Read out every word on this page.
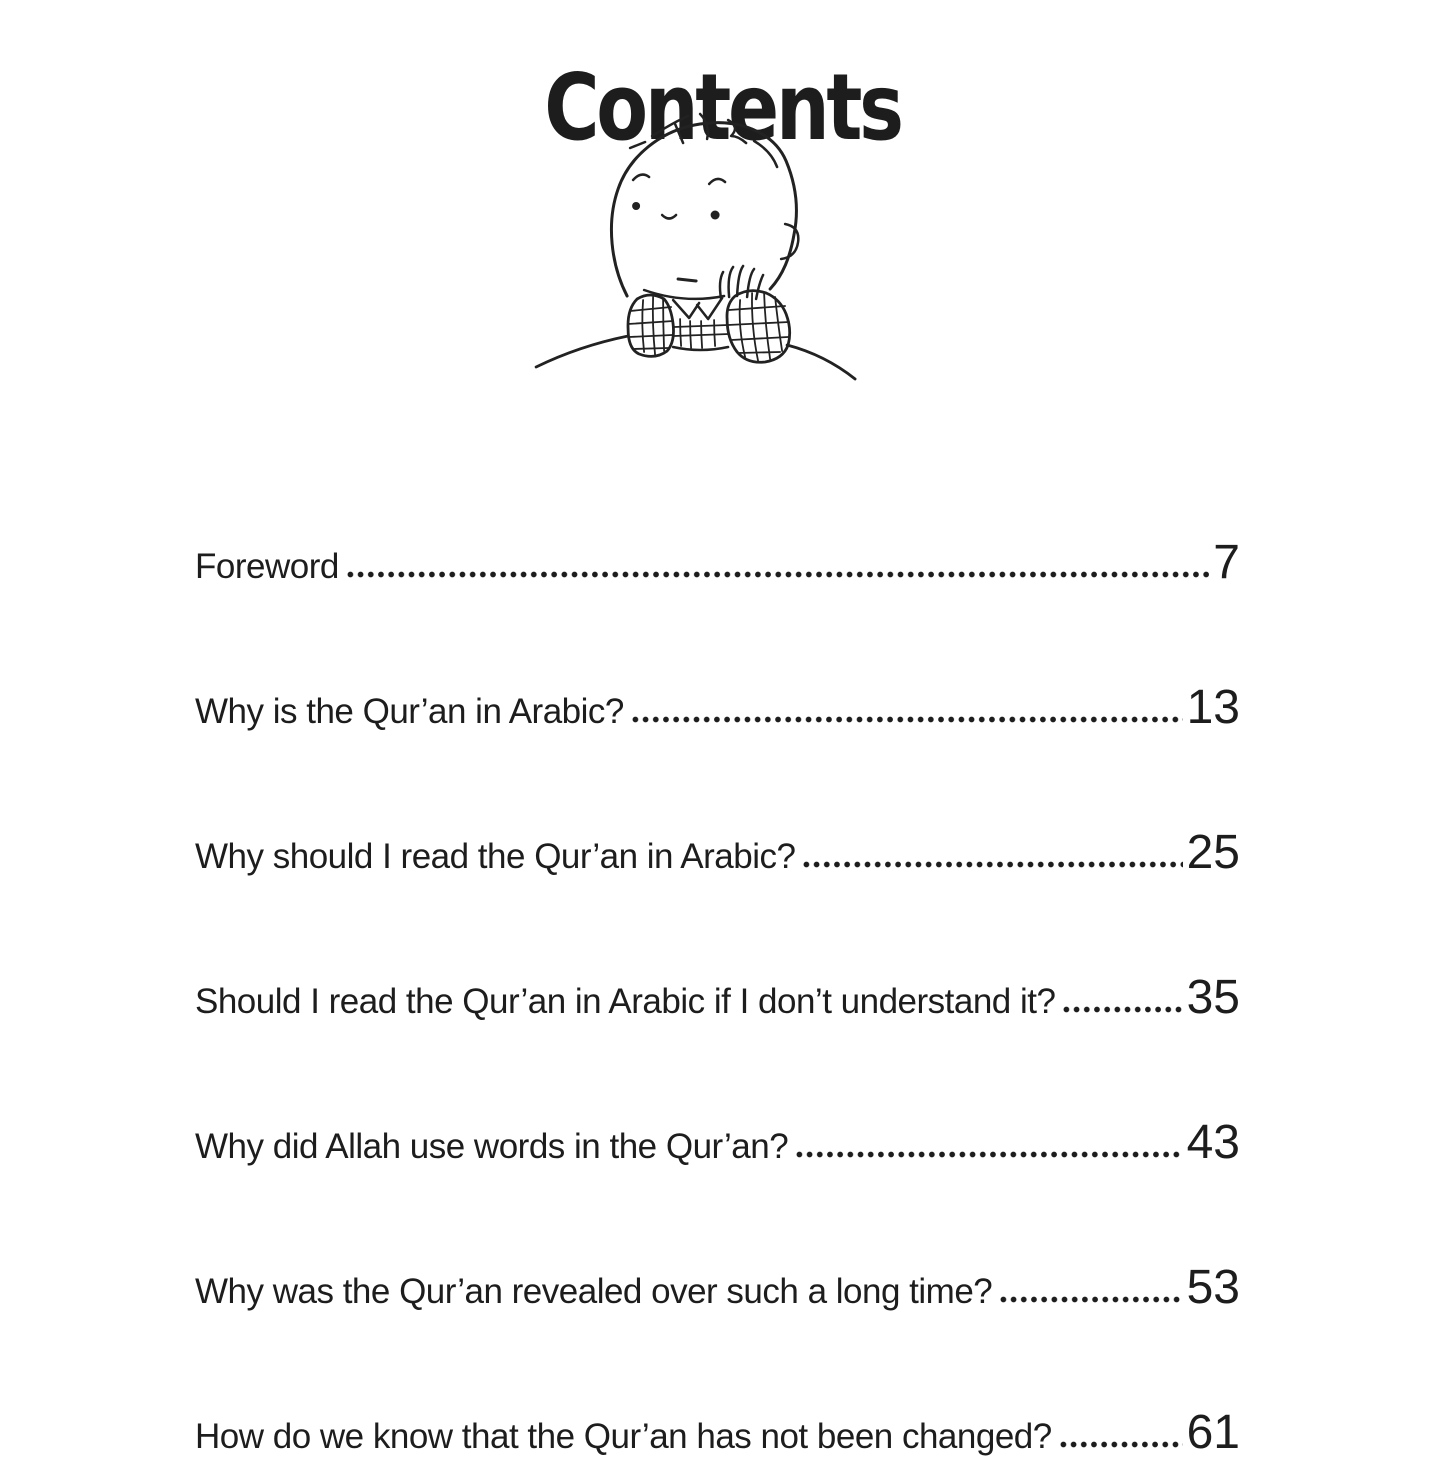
Contents
Foreword	7
Why is the Qur’an in Arabic?	13
Why should I read the Qur’an in Arabic?	25
Should I read the Qur’an in Arabic if I don’t understand it?	35
Why did Allah use words in the Qur’an?	43
Why was the Qur’an revealed over such a long time?	53
How do we know that the Qur’an has not been changed?	61
